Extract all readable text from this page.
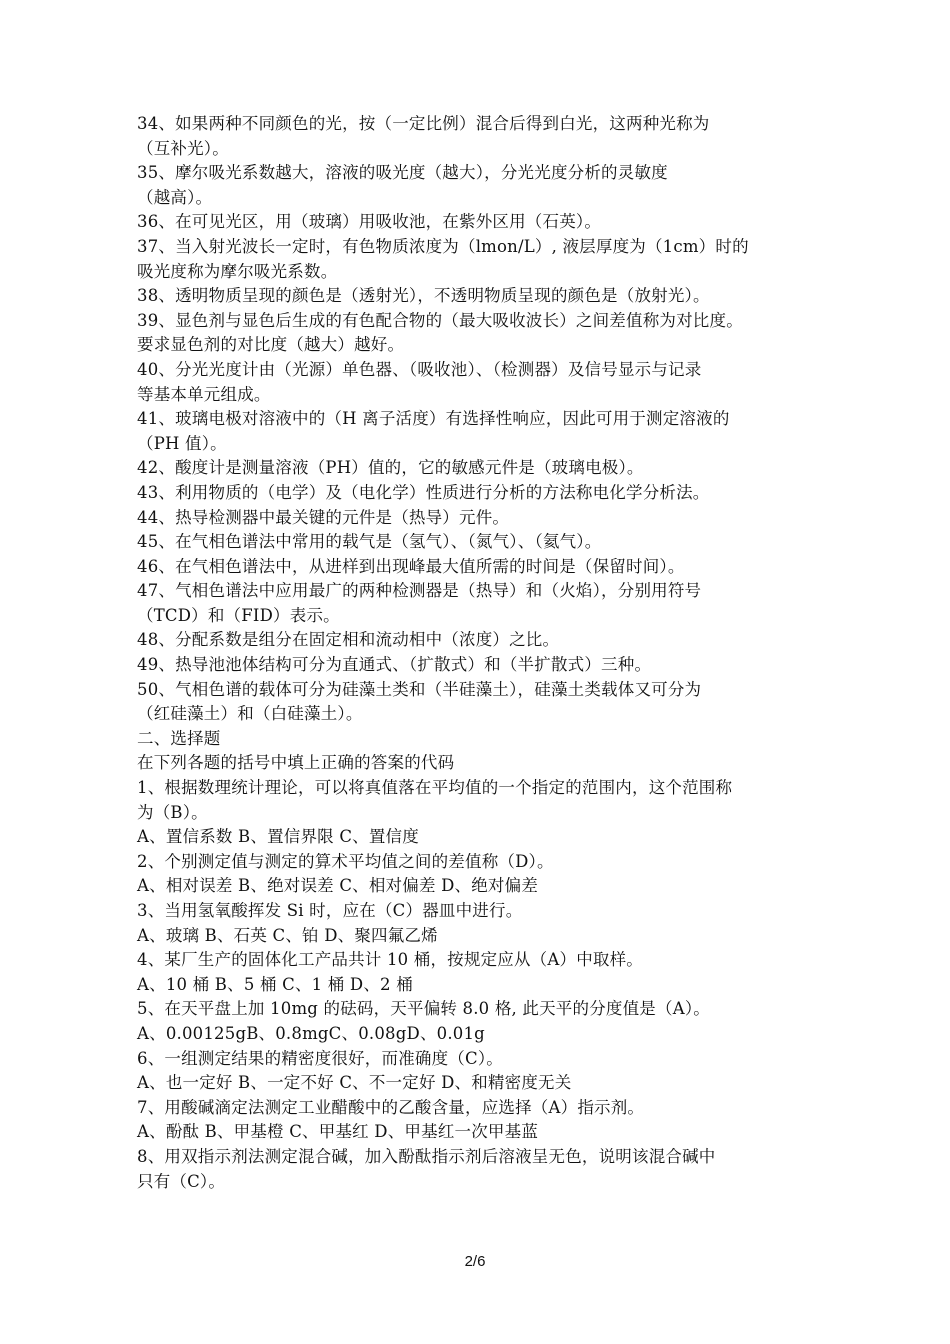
34、如果两种不同颜色的光，按（一定比例）混合后得到白光，这两种光称为
（互补光）。
35、摩尔吸光系数越大，溶液的吸光度（越大），分光光度分析的灵敏度
（越高）。
36、在可见光区，用（玻璃）用吸收池，在紫外区用（石英）。
37、当入射光波长一定时，有色物质浓度为（lmon/L）, 液层厚度为（1cm）时的
吸光度称为摩尔吸光系数。
38、透明物质呈现的颜色是（透射光），不透明物质呈现的颜色是（放射光）。
39、显色剂与显色后生成的有色配合物的（最大吸收波长）之间差值称为对比度。
要求显色剂的对比度（越大）越好。
40、分光光度计由（光源）单色器、（吸收池）、（检测器）及信号显示与记录
等基本单元组成。
41、玻璃电极对溶液中的（H 离子活度）有选择性响应，因此可用于测定溶液的
（PH 值）。
42、酸度计是测量溶液（PH）值的，它的敏感元件是（玻璃电极）。
43、利用物质的（电学）及（电化学）性质进行分析的方法称电化学分析法。
44、热导检测器中最关键的元件是（热导）元件。
45、在气相色谱法中常用的载气是（氢气）、（氮气）、（氦气）。
46、在气相色谱法中，从进样到出现峰最大值所需的时间是（保留时间）。
47、气相色谱法中应用最广的两种检测器是（热导）和（火焰），分别用符号
（TCD）和（FID）表示。
48、分配系数是组分在固定相和流动相中（浓度）之比。
49、热导池池体结构可分为直通式、（扩散式）和（半扩散式）三种。
50、气相色谱的载体可分为硅藻土类和（半硅藻土），硅藻土类载体又可分为
（红硅藻土）和（白硅藻土）。
二、选择题
在下列各题的括号中填上正确的答案的代码
1、根据数理统计理论，可以将真值落在平均值的一个指定的范围内，这个范围称
为（B）。
A、置信系数 B、置信界限 C、置信度
2、个别测定值与测定的算术平均值之间的差值称（D）。
A、相对误差 B、绝对误差 C、相对偏差 D、绝对偏差
3、当用氢氧酸挥发 Si 时，应在（C）器皿中进行。
A、玻璃 B、石英 C、铂 D、聚四氟乙烯
4、某厂生产的固体化工产品共计 10 桶，按规定应从（A）中取样。
A、10 桶 B、5 桶 C、1 桶 D、2 桶
5、在天平盘上加 10mg 的砝码，天平偏转 8.0 格, 此天平的分度值是（A）。
A、0.00125gB、0.8mgC、0.08gD、0.01g
6、一组测定结果的精密度很好，而准确度（C）。
A、也一定好 B、一定不好 C、不一定好 D、和精密度无关
7、用酸碱滴定法测定工业醋酸中的乙酸含量，应选择（A）指示剂。
A、酚酞 B、甲基橙 C、甲基红 D、甲基红一次甲基蓝
8、用双指示剂法测定混合碱，加入酚酞指示剂后溶液呈无色，说明该混合碱中
只有（C）。
2/6
